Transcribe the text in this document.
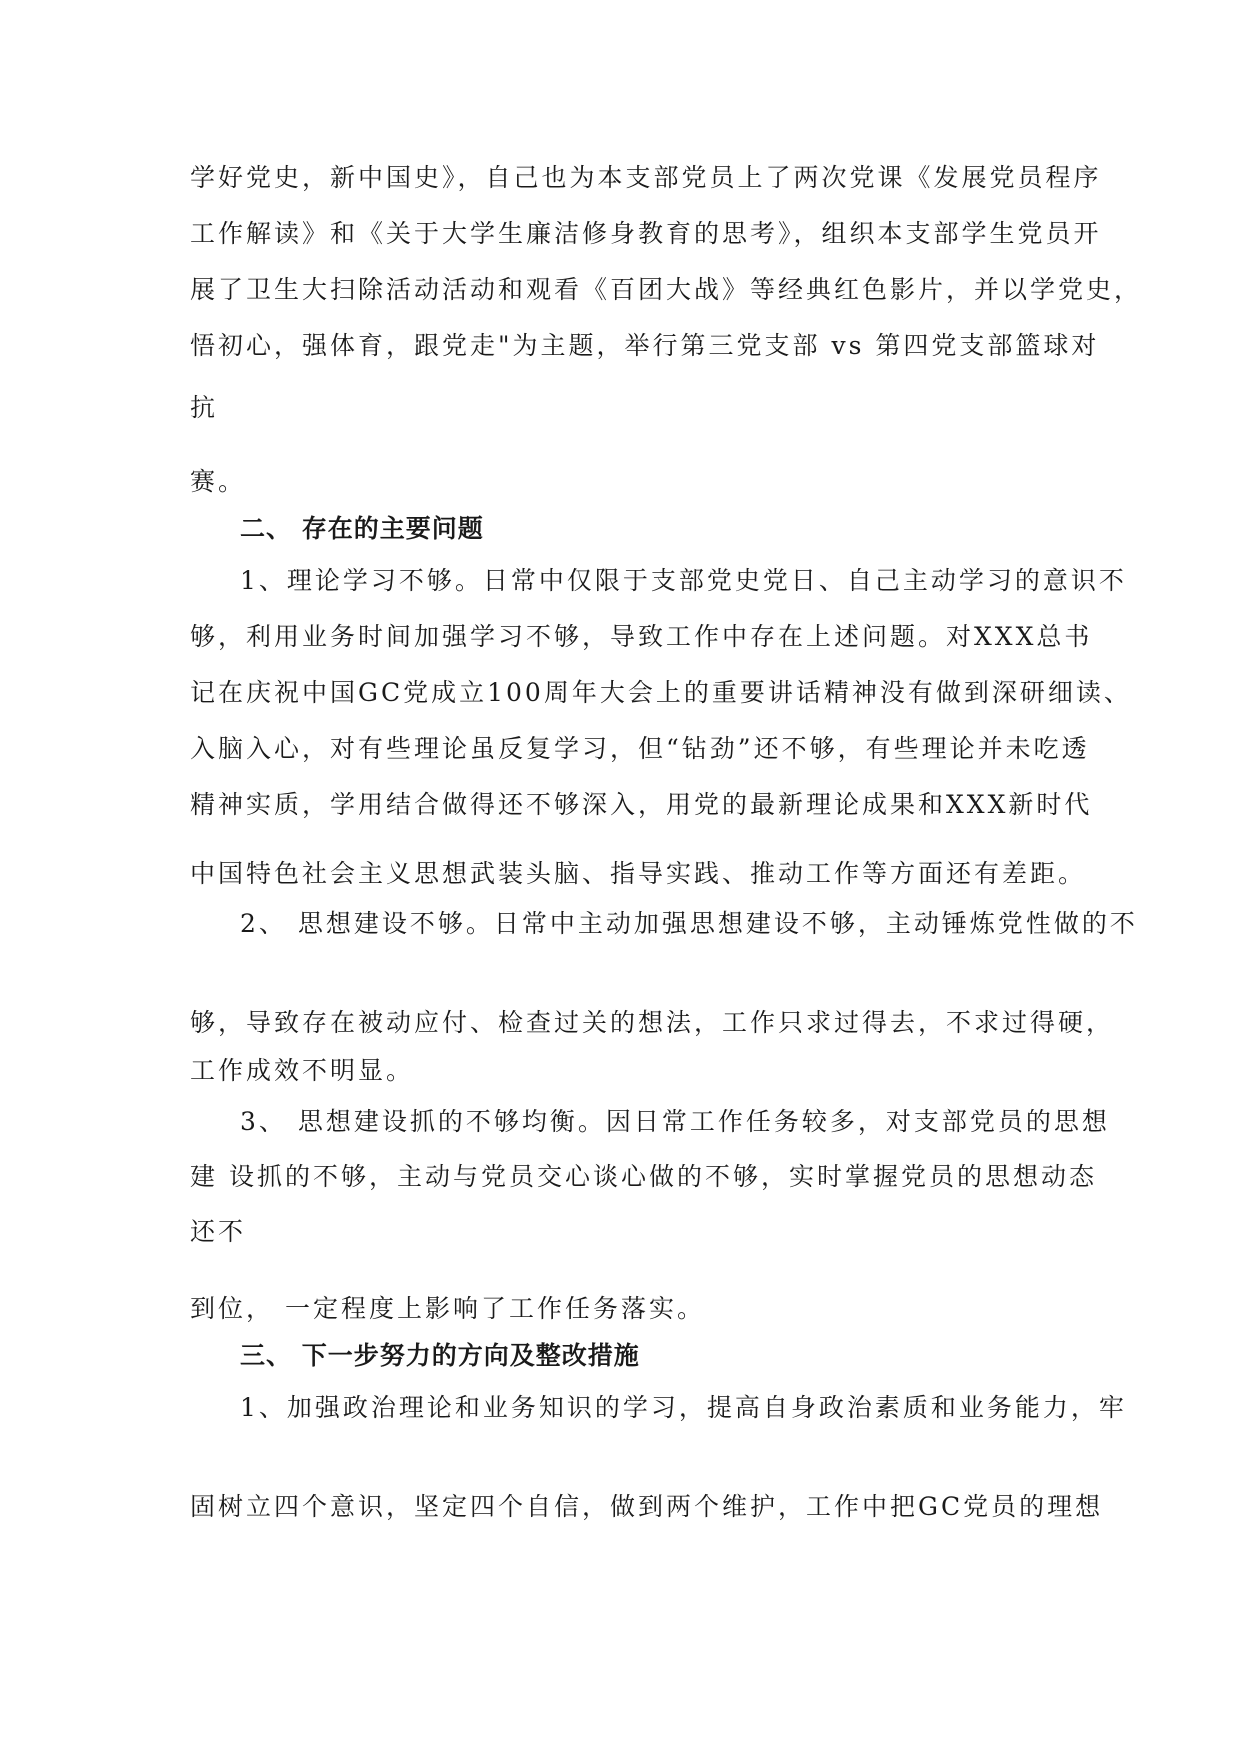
学好党史，新中国史》，自己也为本支部党员上了两次党课《发展党员程序
工作解读》和《关于大学生廉洁修身教育的思考》，组织本支部学生党员开
展了卫生大扫除活动活动和观看《百团大战》等经典红色影片，并以学党史，
悟初心，强体育，跟党走"为主题，举行第三党支部 vs 第四党支部篮球对
抗
赛。
二、 存在的主要问题
1、理论学习不够。日常中仅限于支部党史党日、自己主动学习的意识不
够，利用业务时间加强学习不够，导致工作中存在上述问题。对XXX总书
记在庆祝中国GC党成立100周年大会上的重要讲话精神没有做到深研细读、
入脑入心，对有些理论虽反复学习，但“钻劲”还不够，有些理论并未吃透
精神实质，学用结合做得还不够深入，用党的最新理论成果和XXX新时代
中国特色社会主义思想武装头脑、指导实践、推动工作等方面还有差距。
2、 思想建设不够。日常中主动加强思想建设不够，主动锤炼党性做的不
够，导致存在被动应付、检查过关的想法，工作只求过得去，不求过得硬，
工作成效不明显。
3、 思想建设抓的不够均衡。因日常工作任务较多，对支部党员的思想
建 设抓的不够，主动与党员交心谈心做的不够，实时掌握党员的思想动态
还不
到位， 一定程度上影响了工作任务落实。
三、 下一步努力的方向及整改措施
1、加强政治理论和业务知识的学习，提高自身政治素质和业务能力，牢
固树立四个意识，坚定四个自信，做到两个维护，工作中把GC党员的理想
